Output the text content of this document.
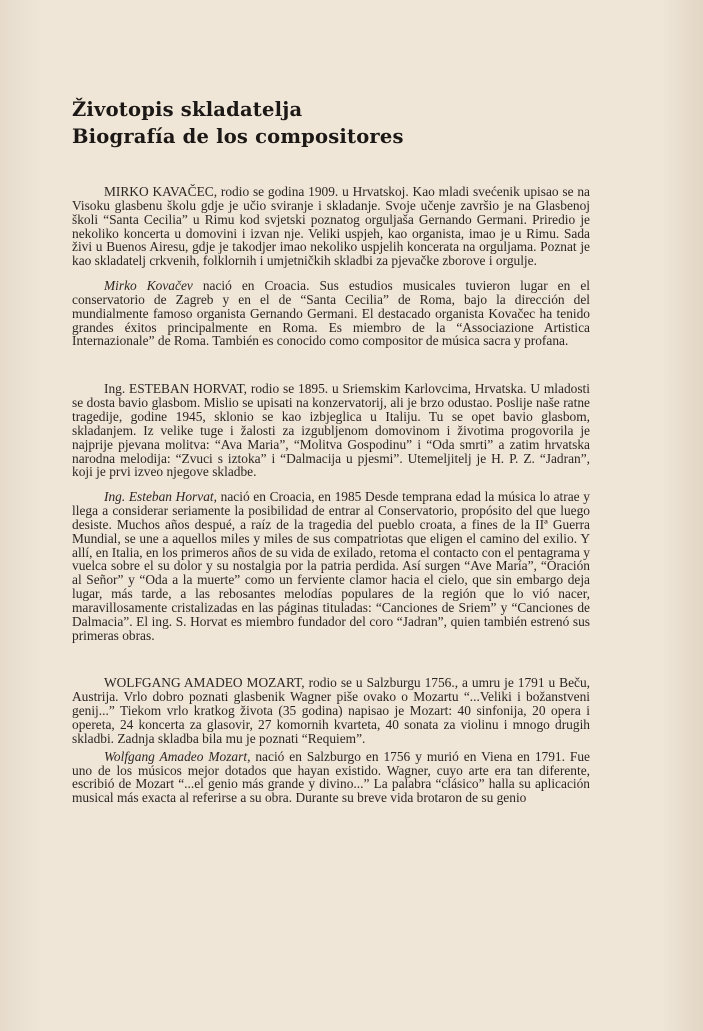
Životopis skladatelja

Biografía de los compositores

MIRKO KAVAČEC, rodio se godina 1909. u Hrvatskoj. Kao mladi svećenik upisao se na Visoku glasbenu školu gdje je učio sviranje i skladanje. Svoje učenje završio je na Glasbenoj školi “Santa Cecilia” u Rimu kod svjetski poznatog orguljaša Gernando Germani. Priredio je nekoliko koncerta u domovini i izvan nje. Veliki uspjeh, kao organista, imao je u Rimu. Sada živi u Buenos Airesu, gdje je takodjer imao nekoliko uspjelih koncerata na orguljama. Poznat je kao skladatelj crkvenih, folklornih i umjetničkih skladbi za pjevačke zborove i orgulje.

Mirko Kovačev nació en Croacia. Sus estudios musicales tuvieron lugar en el conservatorio de Zagreb y en el de “Santa Cecilia” de Roma, bajo la dirección del mundialmente famoso organista Gernando Germani. El destacado organista Kovačec ha tenido grandes éxitos principalmente en Roma. Es miembro de la “Associazione Artistica Internazionale” de Roma. También es conocido como compositor de música sacra y profana.

Ing. ESTEBAN HORVAT, rodio se 1895. u Sriemskim Karlovcima, Hrvatska. U mladosti se dosta bavio glasbom. Mislio se upisati na konzervatorij, ali je brzo odustao. Poslije naše ratne tragedije, godine 1945, sklonio se kao izbjeglica u Italiju. Tu se opet bavio glasbom, skladanjem. Iz velike tuge i žalosti za izgubljenom domovinom i životima progovorila je najprije pjevana molitva: “Ava Maria”, “Molitva Gospodinu” i “Oda smrti” a zatim hrvatska narodna melodija: “Zvuci s iztoka” i “Dalmacija u pjesmi”. Utemeljitelj je H. P. Z. “Jadran”, koji je prvi izveo njegove skladbe.

Ing. Esteban Horvat, nació en Croacia, en 1985 Desde temprana edad la música lo atrae y llega a considerar seriamente la posibilidad de entrar al Conservatorio, propósito del que luego desiste. Muchos años despué, a raíz de la tragedia del pueblo croata, a fines de la IIª Guerra Mundial, se une a aquellos miles y miles de sus compatriotas que eligen el camino del exilio. Y allí, en Italia, en los primeros años de su vida de exilado, retoma el contacto con el pentagrama y vuelca sobre el su dolor y su nostalgia por la patria perdida. Así surgen “Ave María”, “Oración al Señor” y “Oda a la muerte” como un ferviente clamor hacia el cielo, que sin embargo deja lugar, más tarde, a las rebosantes melodías populares de la región que lo vió nacer, maravillosamente cristalizadas en las páginas tituladas: “Canciones de Sriem” y “Canciones de Dalmacia”. El ing. S. Horvat es miembro fundador del coro “Jadran”, quien también estrenó sus primeras obras.

WOLFGANG AMADEO MOZART, rodio se u Salzburgu 1756., a umru je 1791 u Beču, Austrija. Vrlo dobro poznati glasbenik Wagner piše ovako o Mozartu “...Veliki i božanstveni genij...” Tiekom vrlo kratkog života (35 godina) napisao je Mozart: 40 sinfonija, 20 opera i opereta, 24 koncerta za glasovir, 27 komornih kvarteta, 40 sonata za violinu i mnogo drugih skladbi. Zadnja skladba bila mu je poznati “Requiem”.

Wolfgang Amadeo Mozart, nació en Salzburgo en 1756 y murió en Viena en 1791. Fue uno de los músicos mejor dotados que hayan existido. Wagner, cuyo arte era tan diferente, escribió de Mozart “...el genio más grande y divino...” La palabra “clásico” halla su aplicación musical más exacta al referirse a su obra. Durante su breve vida brotaron de su genio
